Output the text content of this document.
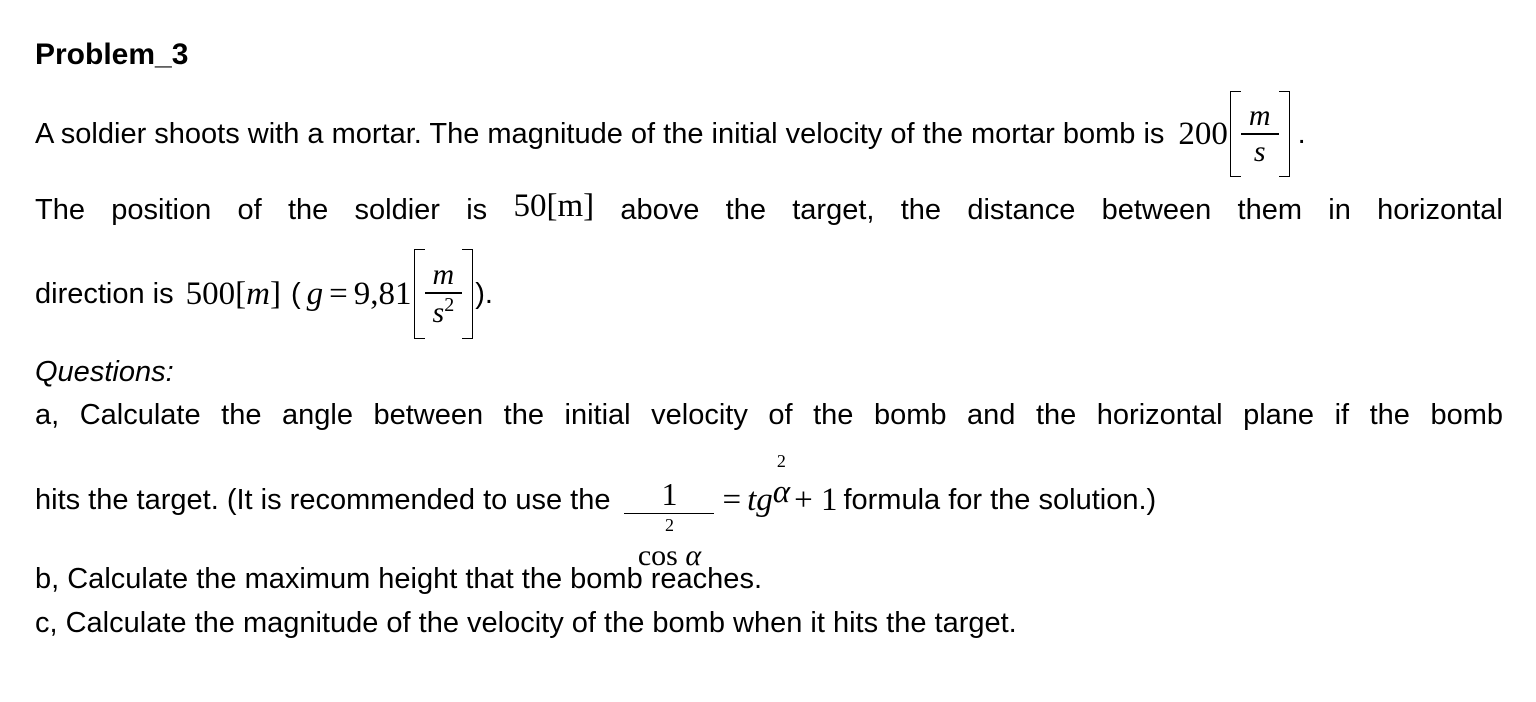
Problem_3
A soldier shoots with a mortar. The magnitude of the initial velocity of the mortar bomb is $200 \frac{m}{s}$ .
The position of the soldier is 50[m] above the target, the distance between them in horizontal
direction is 500 [ m ] ( $g = 9,81 \frac{m}{s^2}$ ).
Questions:
a, Calculate the angle between the initial velocity of the bomb and the horizontal plane if the bomb
hits the target. (It is recommended to use the 1
2
cos α
= tg
2
α + 1 formula for the solution.)
b, Calculate the maximum height that the bomb reaches.
c, Calculate the magnitude of the velocity of the bomb when it hits the target.
